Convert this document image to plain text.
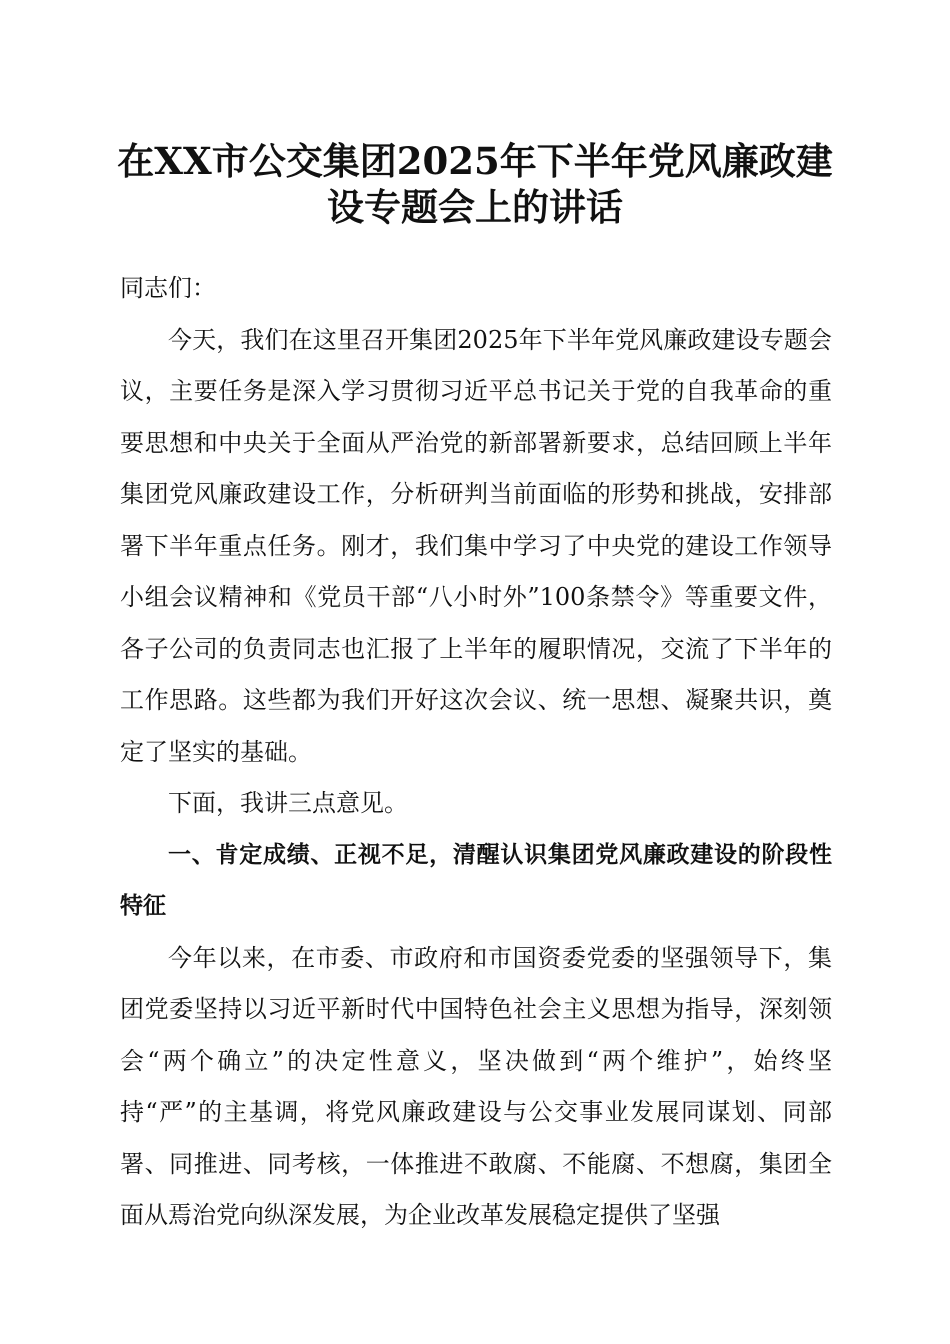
在XX市公交集团2025年下半年党风廉政建
设专题会上的讲话

同志们：

今天，我们在这里召开集团2025年下半年党风廉政建设专题会议，主要任务是深入学习贯彻习近平总书记关于党的自我革命的重要思想和中央关于全面从严治党的新部署新要求，总结回顾上半年集团党风廉政建设工作，分析研判当前面临的形势和挑战，安排部署下半年重点任务。刚才，我们集中学习了中央党的建设工作领导小组会议精神和《党员干部“八小时外”100条禁令》等重要文件，各子公司的负责同志也汇报了上半年的履职情况，交流了下半年的工作思路。这些都为我们开好这次会议、统一思想、凝聚共识，奠定了坚实的基础。

下面，我讲三点意见。

一、肯定成绩、正视不足，清醒认识集团党风廉政建设的阶段性特征

今年以来，在市委、市政府和市国资委党委的坚强领导下，集团党委坚持以习近平新时代中国特色社会主义思想为指导，深刻领会“两个确立”的决定性意义，坚决做到“两个维护”，始终坚持“严”的主基调，将党风廉政建设与公交事业发展同谋划、同部署、同推进、同考核，一体推进不敢腐、不能腐、不想腐，集团全面从焉治党向纵深发展，为企业改革发展稳定提供了坚强
